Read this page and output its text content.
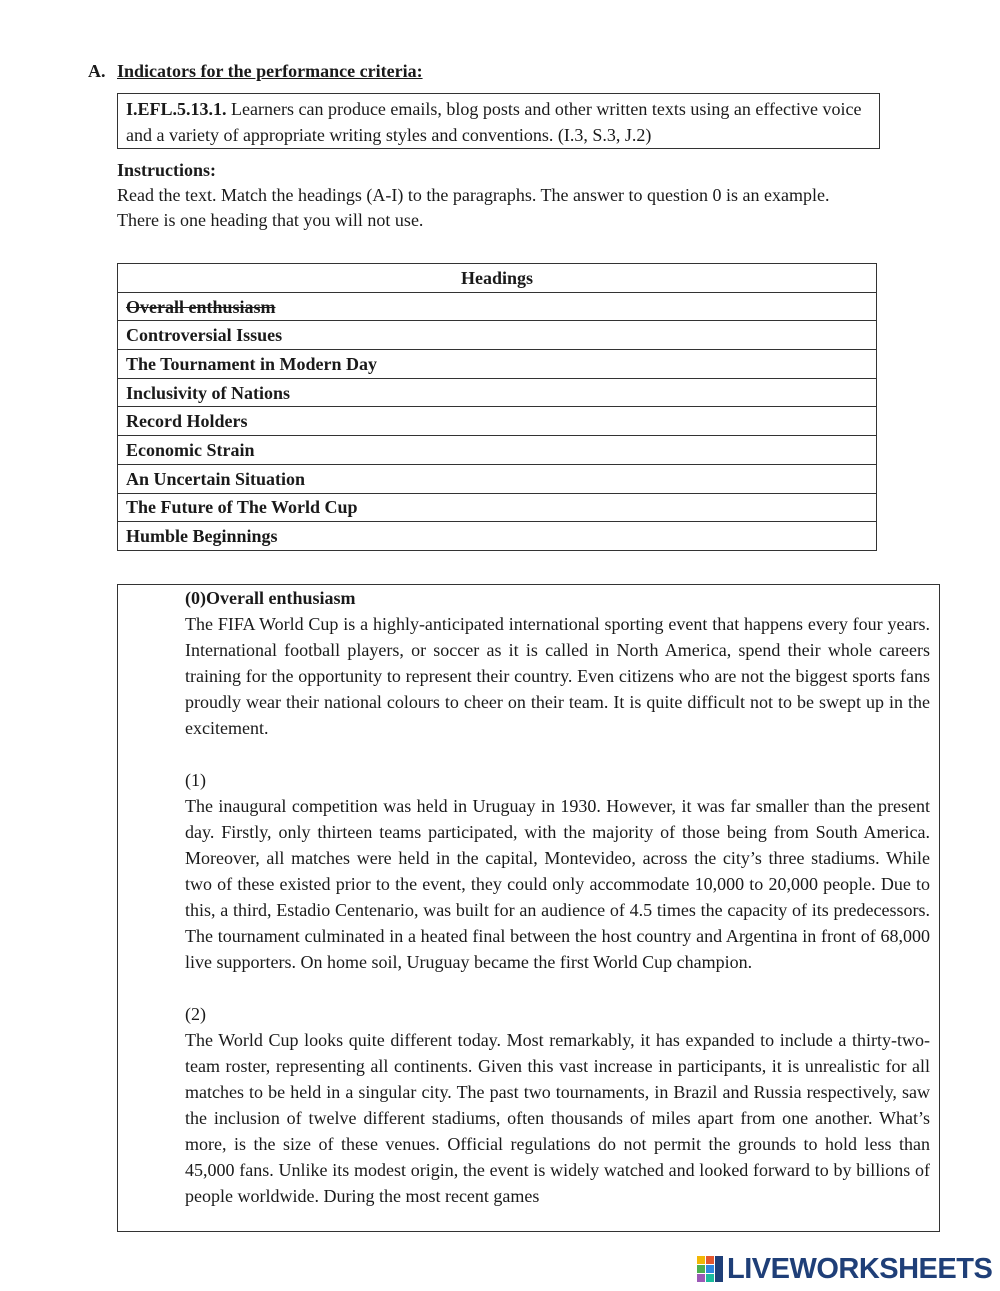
A. Indicators for the performance criteria:
I.EFL.5.13.1. Learners can produce emails, blog posts and other written texts using an effective voice and a variety of appropriate writing styles and conventions. (I.3, S.3, J.2)
Instructions:
Read the text. Match the headings (A-I) to the paragraphs. The answer to question 0 is an example.
There is one heading that you will not use.
Headings
Overall enthusiasm
Controversial Issues
The Tournament in Modern Day
Inclusivity of Nations
Record Holders
Economic Strain
An Uncertain Situation
The Future of The World Cup
Humble Beginnings
(0)Overall enthusiasm

The FIFA World Cup is a highly-anticipated international sporting event that happens every four years. International football players, or soccer as it is called in North America, spend their whole careers training for the opportunity to represent their country. Even citizens who are not the biggest sports fans proudly wear their national colours to cheer on their team. It is quite difficult not to be swept up in the excitement.

(1)

The inaugural competition was held in Uruguay in 1930. However, it was far smaller than the present day. Firstly, only thirteen teams participated, with the majority of those being from South America. Moreover, all matches were held in the capital, Montevideo, across the city’s three stadiums. While two of these existed prior to the event, they could only accommodate 10,000 to 20,000 people. Due to this, a third, Estadio Centenario, was built for an audience of 4.5 times the capacity of its predecessors. The tournament culminated in a heated final between the host country and Argentina in front of 68,000 live supporters. On home soil, Uruguay became the first World Cup champion.

(2)

The World Cup looks quite different today. Most remarkably, it has expanded to include a thirty-two-team roster, representing all continents. Given this vast increase in participants, it is unrealistic for all matches to be held in a singular city. The past two tournaments, in Brazil and Russia respectively, saw the inclusion of twelve different stadiums, often thousands of miles apart from one another. What’s more, is the size of these venues. Official regulations do not permit the grounds to hold less than 45,000 fans. Unlike its modest origin, the event is widely watched and looked forward to by billions of people worldwide. During the most recent games

LIVEWORKSHEETS
